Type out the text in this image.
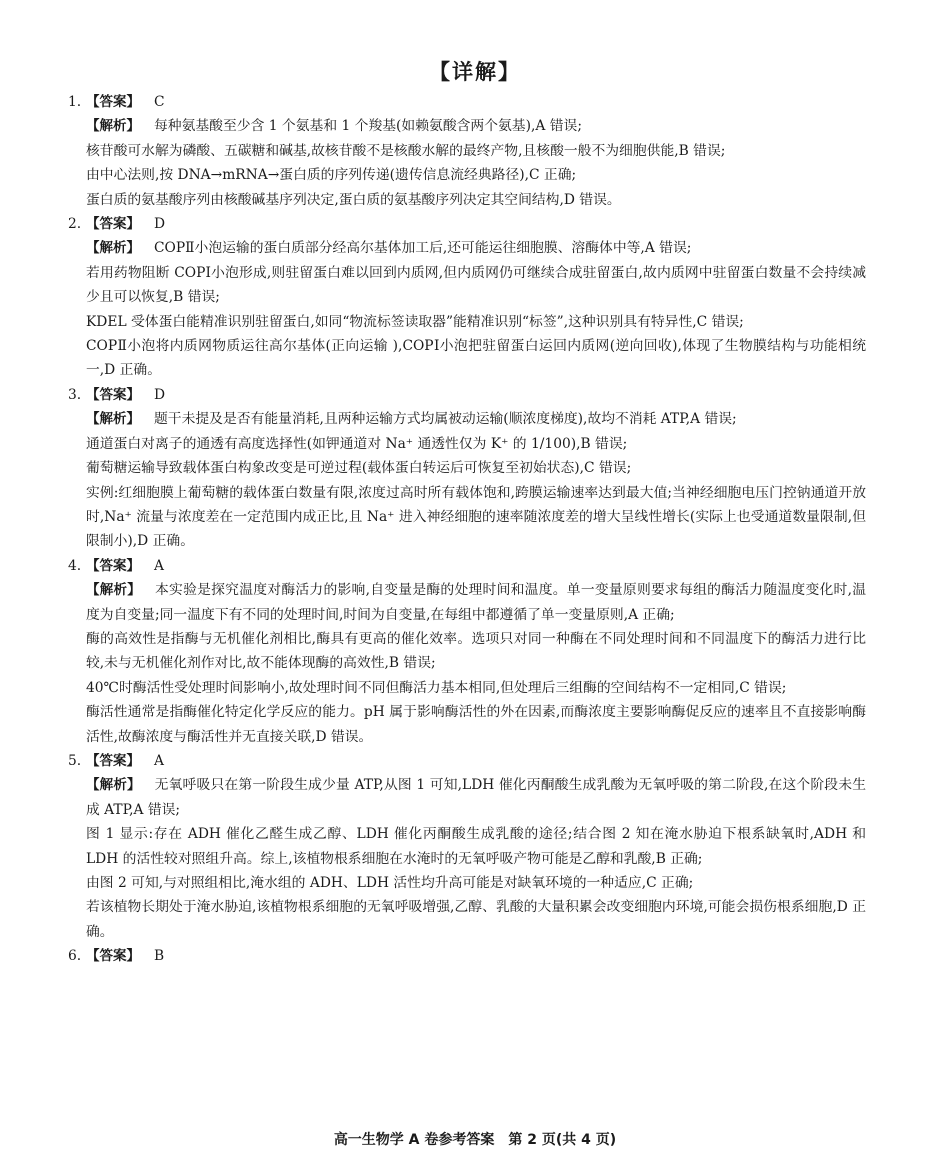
【详解】
1. 【答案】 C

【解析】 每种氨基酸至少含 1 个氨基和 1 个羧基(如赖氨酸含两个氨基),A 错误;

核苷酸可水解为磷酸、五碳糖和碱基,故核苷酸不是核酸水解的最终产物,且核酸一般不为细胞供能,B 错误;

由中心法则,按 DNA→mRNA→蛋白质的序列传递(遗传信息流经典路径),C 正确;

蛋白质的氨基酸序列由核酸碱基序列决定,蛋白质的氨基酸序列决定其空间结构,D 错误。

2. 【答案】 D

【解析】 COPⅡ小泡运输的蛋白质部分经高尔基体加工后,还可能运往细胞膜、溶酶体中等,A 错误;

若用药物阻断 COPⅠ小泡形成,则驻留蛋白难以回到内质网,但内质网仍可继续合成驻留蛋白,故内质网中驻留蛋白数量不会持续减少且可以恢复,B 错误;

KDEL 受体蛋白能精准识别驻留蛋白,如同“物流标签读取器”能精准识别“标签”,这种识别具有特异性,C 错误;

COPⅡ小泡将内质网物质运往高尔基体(正向运输 ),COPⅠ小泡把驻留蛋白运回内质网(逆向回收),体现了生物膜结构与功能相统一,D 正确。

3. 【答案】 D

【解析】 题干未提及是否有能量消耗,且两种运输方式均属被动运输(顺浓度梯度),故均不消耗 ATP,A 错误;

通道蛋白对离子的通透有高度选择性(如钾通道对 Na⁺ 通透性仅为 K⁺ 的 1/100),B 错误;

葡萄糖运输导致载体蛋白构象改变是可逆过程(载体蛋白转运后可恢复至初始状态),C 错误;

实例:红细胞膜上葡萄糖的载体蛋白数量有限,浓度过高时所有载体饱和,跨膜运输速率达到最大值;当神经细胞电压门控钠通道开放时,Na⁺ 流量与浓度差在一定范围内成正比,且 Na⁺ 进入神经细胞的速率随浓度差的增大呈线性增长(实际上也受通道数量限制,但限制小),D 正确。

4. 【答案】 A

【解析】 本实验是探究温度对酶活力的影响,自变量是酶的处理时间和温度。单一变量原则要求每组的酶活力随温度变化时,温度为自变量;同一温度下有不同的处理时间,时间为自变量,在每组中都遵循了单一变量原则,A 正确;

酶的高效性是指酶与无机催化剂相比,酶具有更高的催化效率。选项只对同一种酶在不同处理时间和不同温度下的酶活力进行比较,未与无机催化剂作对比,故不能体现酶的高效性,B 错误;

40℃时酶活性受处理时间影响小,故处理时间不同但酶活力基本相同,但处理后三组酶的空间结构不一定相同,C 错误;

酶活性通常是指酶催化特定化学反应的能力。pH 属于影响酶活性的外在因素,而酶浓度主要影响酶促反应的速率且不直接影响酶活性,故酶浓度与酶活性并无直接关联,D 错误。

5. 【答案】 A

【解析】 无氧呼吸只在第一阶段生成少量 ATP,从图 1 可知,LDH 催化丙酮酸生成乳酸为无氧呼吸的第二阶段,在这个阶段未生成 ATP,A 错误;

图 1 显示:存在 ADH 催化乙醛生成乙醇、LDH 催化丙酮酸生成乳酸的途径;结合图 2 知在淹水胁迫下根系缺氧时,ADH 和 LDH 的活性较对照组升高。综上,该植物根系细胞在水淹时的无氧呼吸产物可能是乙醇和乳酸,B 正确;

由图 2 可知,与对照组相比,淹水组的 ADH、LDH 活性均升高可能是对缺氧环境的一种适应,C 正确;

若该植物长期处于淹水胁迫,该植物根系细胞的无氧呼吸增强,乙醇、乳酸的大量积累会改变细胞内环境,可能会损伤根系细胞,D 正确。

6. 【答案】 B
高一生物学 A 卷参考答案　第 2 页(共 4 页)
